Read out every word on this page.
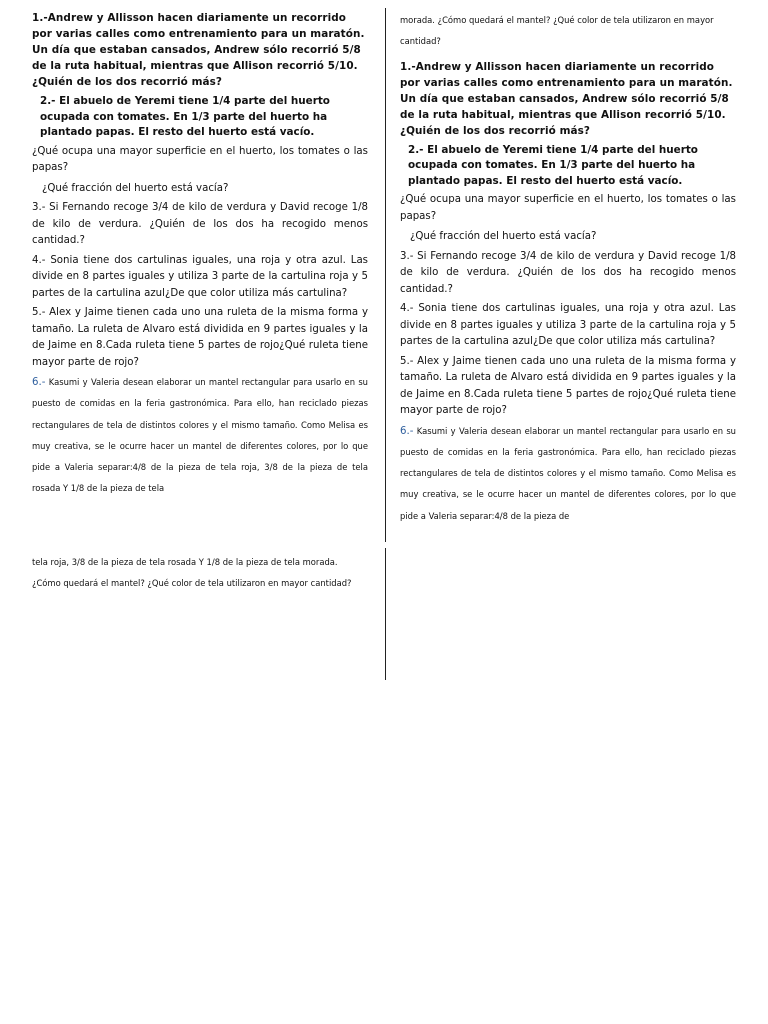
1.-Andrew y Allisson hacen diariamente un recorrido por varias calles como entrenamiento para un maratón. Un día que estaban cansados, Andrew sólo recorrió 5/8 de la ruta habitual, mientras que Allison recorrió 5/10. ¿Quién de los dos recorrió más?

2.- El abuelo de Yeremi tiene 1/4 parte del huerto ocupada con tomates. En 1/3 parte del huerto ha plantado papas. El resto del huerto está vacío.

¿Qué ocupa una mayor superficie en el huerto, los tomates o las papas?

¿Qué fracción del huerto está vacía?

3.- Si Fernando recoge 3/4 de kilo de verdura y David recoge 1/8 de kilo de verdura. ¿Quién de los dos ha recogido menos cantidad.?

4.- Sonia tiene dos cartulinas iguales, una roja y otra azul. Las divide en 8 partes iguales y utiliza 3 parte de la cartulina roja y 5 partes de la cartulina azul¿De que color utiliza más cartulina?

5.- Alex y Jaime tienen cada uno una ruleta de la misma forma y tamaño. La ruleta de Alvaro está dividida en 9 partes iguales y la de Jaime en 8.Cada ruleta tiene 5 partes de rojo¿Qué ruleta tiene mayor parte de rojo?

6.- Kasumi y Valeria desean elaborar un mantel rectangular para usarlo en su puesto de comidas en la feria gastronómica. Para ello, han reciclado piezas rectangulares de tela de distintos colores y el mismo tamaño. Como Melisa es muy creativa, se le ocurre hacer un mantel de diferentes colores, por lo que pide a Valeria separar:4/8 de la pieza de tela roja, 3/8 de la pieza de tela rosada Y 1/8 de la pieza de tela

morada. ¿Cómo quedará el mantel? ¿Qué color de tela utilizaron en mayor cantidad?

1.-Andrew y Allisson hacen diariamente un recorrido por varias calles como entrenamiento para un maratón. Un día que estaban cansados, Andrew sólo recorrió 5/8 de la ruta habitual, mientras que Allison recorrió 5/10. ¿Quién de los dos recorrió más?

2.- El abuelo de Yeremi tiene 1/4 parte del huerto ocupada con tomates. En 1/3 parte del huerto ha plantado papas. El resto del huerto está vacío.

¿Qué ocupa una mayor superficie en el huerto, los tomates o las papas?

¿Qué fracción del huerto está vacía?

3.- Si Fernando recoge 3/4 de kilo de verdura y David recoge 1/8 de kilo de verdura. ¿Quién de los dos ha recogido menos cantidad.?

4.- Sonia tiene dos cartulinas iguales, una roja y otra azul. Las divide en 8 partes iguales y utiliza 3 parte de la cartulina roja y 5 partes de la cartulina azul¿De que color utiliza más cartulina?

5.- Alex y Jaime tienen cada uno una ruleta de la misma forma y tamaño. La ruleta de Alvaro está dividida en 9 partes iguales y la de Jaime en 8.Cada ruleta tiene 5 partes de rojo¿Qué ruleta tiene mayor parte de rojo?

6.- Kasumi y Valeria desean elaborar un mantel rectangular para usarlo en su puesto de comidas en la feria gastronómica. Para ello, han reciclado piezas rectangulares de tela de distintos colores y el mismo tamaño. Como Melisa es muy creativa, se le ocurre hacer un mantel de diferentes colores, por lo que pide a Valeria separar:4/8 de la pieza de

tela roja, 3/8 de la pieza de tela rosada Y 1/8 de la pieza de tela morada. ¿Cómo quedará el mantel? ¿Qué color de tela utilizaron en mayor cantidad?
